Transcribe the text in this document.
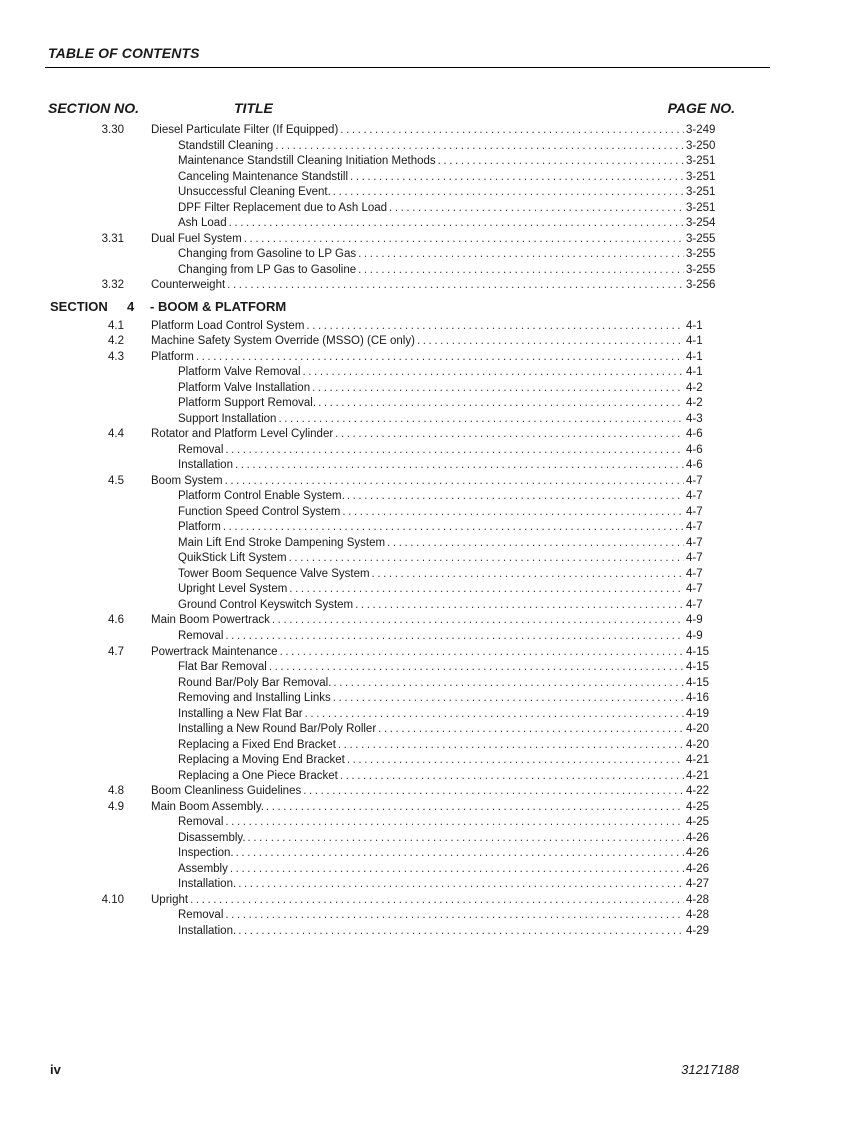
TABLE OF CONTENTS
SECTION NO.	TITLE	PAGE NO.
3.30 Diesel Particulate Filter (If Equipped) .....	3-249
Standstill Cleaning .....	3-250
Maintenance Standstill Cleaning Initiation Methods .....	3-251
Canceling Maintenance Standstill .....	3-251
Unsuccessful Cleaning Event. .....	3-251
DPF Filter Replacement due to Ash Load .....	3-251
Ash Load .....	3-254
3.31 Dual Fuel System .....	3-255
Changing from Gasoline to LP Gas .....	3-255
Changing from LP Gas to Gasoline .....	3-255
3.32 Counterweight .....	3-256
SECTION 4 - BOOM & PLATFORM
4.1 Platform Load Control System .....	4-1
4.2 Machine Safety System Override (MSSO) (CE only) .....	4-1
4.3 Platform .....	4-1
Platform Valve Removal .....	4-1
Platform Valve Installation .....	4-2
Platform Support Removal. .....	4-2
Support Installation .....	4-3
4.4 Rotator and Platform Level Cylinder .....	4-6
Removal .....	4-6
Installation .....	4-6
4.5 Boom System .....	4-7
Platform Control Enable System. .....	4-7
Function Speed Control System .....	4-7
Platform .....	4-7
Main Lift End Stroke Dampening System .....	4-7
QuikStick Lift System .....	4-7
Tower Boom Sequence Valve System .....	4-7
Upright Level System .....	4-7
Ground Control Keyswitch System .....	4-7
4.6 Main Boom Powertrack .....	4-9
Removal .....	4-9
4.7 Powertrack Maintenance .....	4-15
Flat Bar Removal .....	4-15
Round Bar/Poly Bar Removal. .....	4-15
Removing and Installing Links .....	4-16
Installing a New Flat Bar .....	4-19
Installing a New Round Bar/Poly Roller .....	4-20
Replacing a Fixed End Bracket .....	4-20
Replacing a Moving End Bracket .....	4-21
Replacing a One Piece Bracket .....	4-21
4.8 Boom Cleanliness Guidelines .....	4-22
4.9 Main Boom Assembly. .....	4-25
Removal .....	4-25
Disassembly. .....	4-26
Inspection. .....	4-26
Assembly .....	4-26
Installation. .....	4-27
4.10 Upright .....	4-28
Removal .....	4-28
Installation. .....	4-29
iv	31217188
